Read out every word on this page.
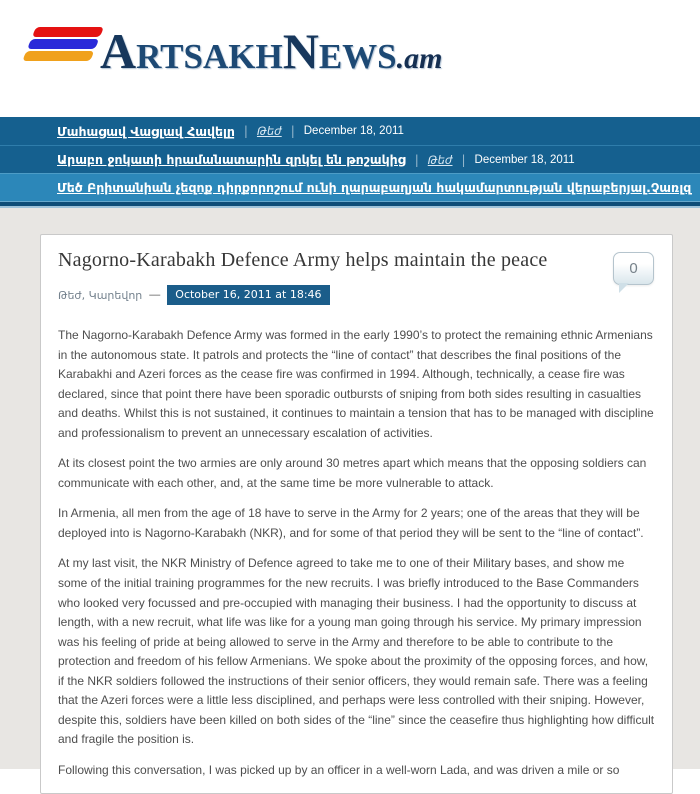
ARTSAKHNEWS.am
Մահացավ Վացլավ Հավելը | Թեժ | December 18, 2011
Արաբո ջոկատի հրամանատարին զրկել են թոշակից | Թեժ | December 18, 2011
Մեծ Բրիտանիան չեզոք դիրքորոշում ունի ղարաբաղյան հակամարտության վերաբերյալ.Չառլզ
0
Nagorno-Karabakh Defence Army helps maintain the peace
Թեժ, Կարեվոր —	October 16, 2011 at 18:46

The Nagorno-Karabakh Defence Army was formed in the early 1990’s to protect the remaining ethnic Armenians in the autonomous state. It patrols and protects the “line of contact” that describes the final positions of the Karabakhi and Azeri forces as the cease fire was confirmed in 1994. Although, technically, a cease fire was declared, since that point there have been sporadic outbursts of sniping from both sides resulting in casualties and deaths. Whilst this is not sustained, it continues to maintain a tension that has to be managed with discipline and professionalism to prevent an unnecessary escalation of activities.

At its closest point the two armies are only around 30 metres apart which means that the opposing soldiers can communicate with each other, and, at the same time be more vulnerable to attack.

In Armenia, all men from the age of 18 have to serve in the Army for 2 years; one of the areas that they will be deployed into is Nagorno-Karabakh (NKR), and for some of that period they will be sent to the “line of contact”.

At my last visit, the NKR Ministry of Defence agreed to take me to one of their Military bases, and show me some of the initial training programmes for the new recruits. I was briefly introduced to the Base Commanders who looked very focussed and pre-occupied with managing their business. I had the opportunity to discuss at length, with a new recruit, what life was like for a young man going through his service. My primary impression was his feeling of pride at being allowed to serve in the Army and therefore to be able to contribute to the protection and freedom of his fellow Armenians. We spoke about the proximity of the opposing forces, and how, if the NKR soldiers followed the instructions of their senior officers, they would remain safe. There was a feeling that the Azeri forces were a little less disciplined, and perhaps were less controlled with their sniping. However, despite this, soldiers have been killed on both sides of the “line” since the ceasefire thus highlighting how difficult and fragile the position is.

Following this conversation, I was picked up by an officer in a well-worn Lada, and was driven a mile or so
